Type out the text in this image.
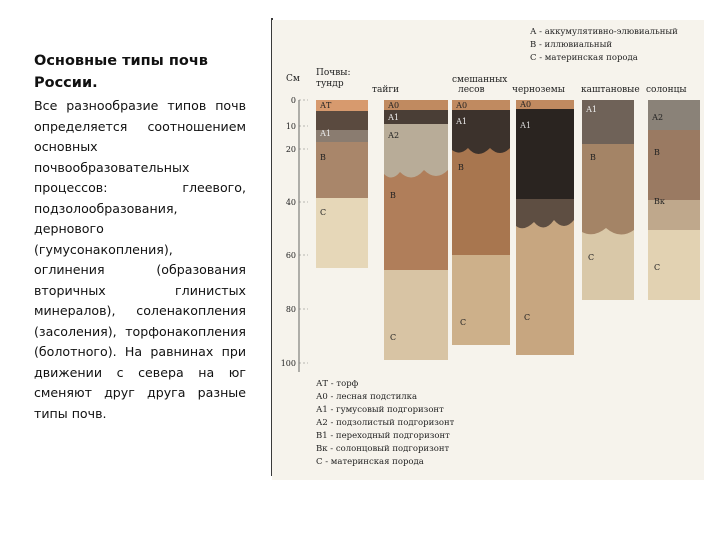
Основные типы почв России.

Все разнообразие типов почв определяется соотношением основных почвообразовательных процессов: глеевого, подзолообразования, дернового (гумусонакопления), оглинения (образования вторичных глинистых минералов), соленакопления (засоления), торфонакопления (болотного). На равнинах при движении с севера на юг сменяют друг друга разные типы почв.

А - аккумулятивно-элювиальный
В - иллювиальный
С - материнская порода
См
Почвы:
тундр
тайги
смешанных лесов	черноземы каштановые солонцы
0
10
20
40
60
80
100
АТ
А1
В
С
А0
А1
А2
В
С
А0
А1
В
С
А0
А1
С
А1
В
С
А2
В
Вк
С
АТ - торф
А0 - лесная подстилка
А1 - гумусовый подгоризонт
А2 - подзолистый подгоризонт
В1 - переходный подгоризонт
Вк - солонцовый подгоризонт
С - материнская порода
